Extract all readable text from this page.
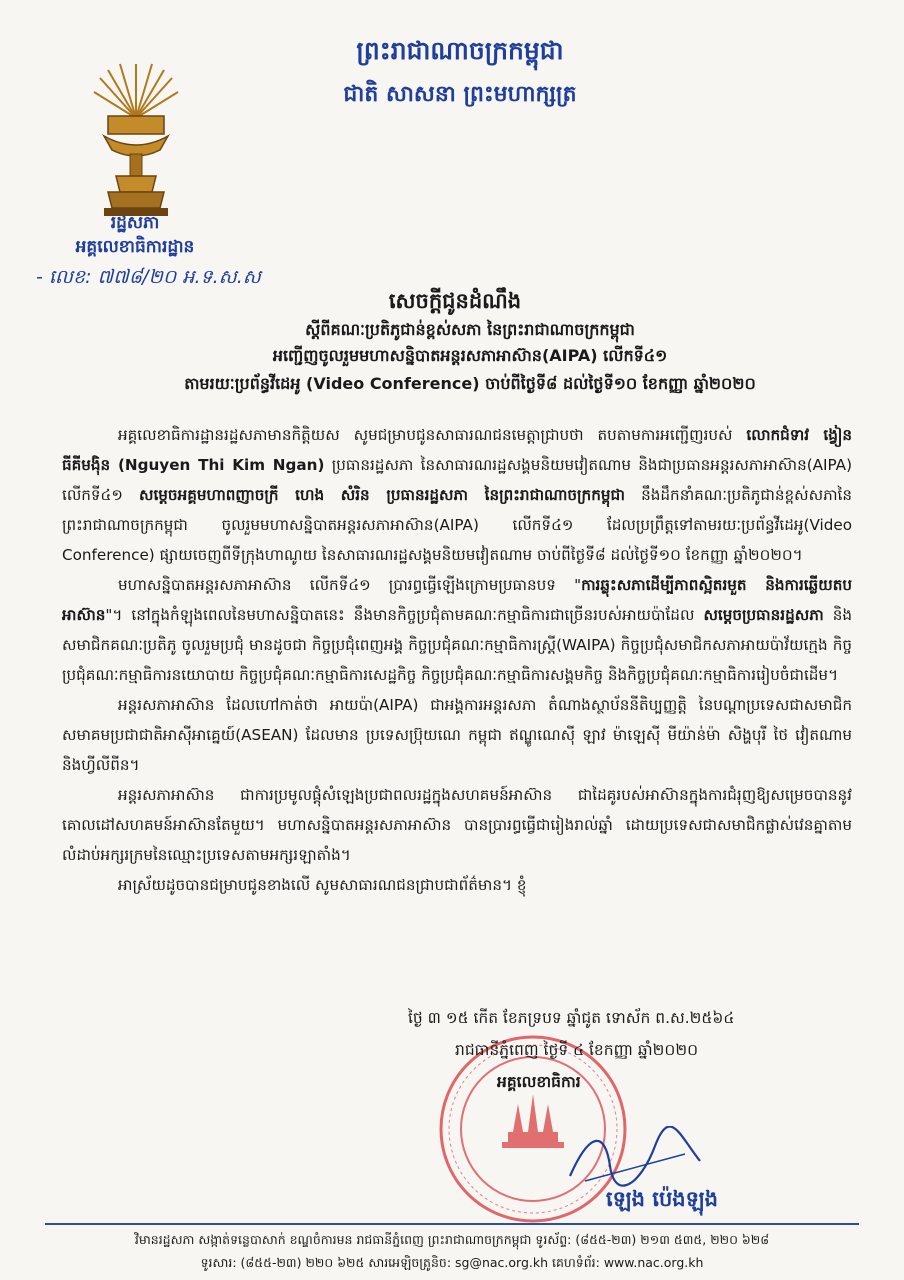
ព្រះរាជាណាចក្រកម្ពុជា
ជាតិ សាសនា ព្រះមហាក្សត្រ
រដ្ឋសភា
អគ្គលេខាធិការដ្ឋាន
- លេខ: ៧៧៨/២០ អ.ទ.ស.ស
សេចក្ដីជូនដំណឹង
ស្ដីពីគណៈប្រតិភូជាន់ខ្ពស់សភា នៃព្រះរាជាណាចក្រកម្ពុជា
អញ្ជើញចូលរួមមហាសន្និបាតអន្តរសភាអាស៊ាន(AIPA) លើកទី៤១
តាមរយៈប្រព័ន្ធវីដេអូ (Video Conference) ចាប់ពីថ្ងៃទី៨ ដល់ថ្ងៃទី១០ ខែកញ្ញា ឆ្នាំ២០២០

អគ្គលេខាធិការដ្ឋានរដ្ឋសភាមានកិត្តិយស សូមជម្រាបជូនសាធារណជនមេត្តាជ្រាបថា តបតាមការអញ្ជើញរបស់ លោកជំទាវ ង្វៀន ធីគីមង៉ិន (Nguyen Thi Kim Ngan) ប្រធានរដ្ឋសភា នៃសាធារណរដ្ឋសង្គមនិយមវៀតណាម និងជាប្រធានអន្តរសភាអាស៊ាន(AIPA) លើកទី៤១ សម្ដេចអគ្គមហាពញាចក្រី ហេង សំរិន ប្រធានរដ្ឋសភា នៃព្រះរាជាណាចក្រកម្ពុជា នឹងដឹកនាំគណៈប្រតិភូជាន់ខ្ពស់សភានៃព្រះរាជាណាចក្រកម្ពុជា ចូលរួមមហាសន្និបាតអន្តរសភាអាស៊ាន(AIPA) លើកទី៤១ ដែលប្រព្រឹត្តទៅតាមរយៈប្រព័ន្ធវីដេអូ(Video Conference) ផ្សាយចេញពីទីក្រុងហាណូយ នៃសាធារណរដ្ឋសង្គមនិយមវៀតណាម ចាប់ពីថ្ងៃទី៨ ដល់ថ្ងៃទី១០ ខែកញ្ញា ឆ្នាំ២០២០។

មហាសន្និបាតអន្តរសភាអាស៊ាន លើកទី៤១ ប្រារព្ធធ្វើឡើងក្រោមប្រធានបទ "ការឆ្លុះសភាដើម្បីភាពស្អិតរមួត និងការឆ្លើយតបអាស៊ាន"។ នៅក្នុងកំឡុងពេលនៃមហាសន្និបាតនេះ នឹងមានកិច្ចប្រជុំតាមគណៈកម្មាធិការជាច្រើនរបស់អាយប៉ាដែល សម្ដេចប្រធានរដ្ឋសភា និងសមាជិកគណៈប្រតិភូ ចូលរួមប្រជុំ មានដូចជា កិច្ចប្រជុំពេញអង្គ កិច្ចប្រជុំគណៈកម្មាធិការស្ត្រី(WAIPA) កិច្ចប្រជុំសមាជិកសភាអាយប៉ាវ័យក្មេង កិច្ចប្រជុំគណៈកម្មាធិការនយោបាយ កិច្ចប្រជុំគណៈកម្មាធិការសេដ្ឋកិច្ច កិច្ចប្រជុំគណៈកម្មាធិការសង្គមកិច្ច និងកិច្ចប្រជុំគណៈកម្មាធិការរៀបចំជាដើម។

អន្តរសភាអាស៊ាន ដែលហៅកាត់ថា អាយប៉ា(AIPA) ជាអង្គការអន្តរសភា តំណាងស្ថាប័ននីតិប្បញ្ញត្តិ នៃបណ្ដាប្រទេសជាសមាជិកសមាគមប្រជាជាតិអាស៊ីអាគ្នេយ៍(ASEAN) ដែលមាន ប្រទេសប្រ៊ុយណេ កម្ពុជា ឥណ្ឌូណេស៊ី ឡាវ ម៉ាឡេស៊ី មីយ៉ាន់ម៉ា សិង្ហបុរី ថៃ វៀតណាម និងហ្វីលីពីន។

អន្តរសភាអាស៊ាន ជាការប្រមូលផ្ដុំសំឡេងប្រជាពលរដ្ឋក្នុងសហគមន៍អាស៊ាន ជាដៃគូរបស់អាស៊ានក្នុងការជំរុញឱ្យសម្រេចបាននូវគោលដៅសហគមន៍អាស៊ានតែមួយ។ មហាសន្និបាតអន្តរសភាអាស៊ាន បានប្រារព្ធធ្វើជារៀងរាល់ឆ្នាំ ដោយប្រទេសជាសមាជិកផ្លាស់វេនគ្នាតាមលំដាប់អក្សរក្រមនៃឈ្មោះប្រទេសតាមអក្សរឡាតាំង។

អាស្រ័យដូចបានជម្រាបជូនខាងលើ សូមសាធារណជនជ្រាបជាព័ត៌មាន។ ខ្ញុំ

ថ្ងៃ ៣ ១៥ កើត ខែភទ្របទ ឆ្នាំជូត ទោស័ក ព.ស.២៥៦៤
រាជធានីភ្នំពេញ ថ្ងៃទី ៤ ខែកញ្ញា ឆ្នាំ២០២០
អគ្គលេខាធិការ
ឡេង ប៉េងឡុង
វិមានរដ្ឋសភា សង្កាត់ទន្លេបាសាក់ ខណ្ឌចំការមន រាជធានីភ្នំពេញ ព្រះរាជាណាចក្រកម្ពុជា ទូរស័ព្ទ: (៨៥៥-២៣) ២១៣ ៥៣៥, ២២០ ៦២៨
ទូរសារ: (៨៥៥-២៣) ២២០ ៦២៥ សារអេឡិចត្រូនិច: sg@nac.org.kh គេហទំព័រ: www.nac.org.kh
